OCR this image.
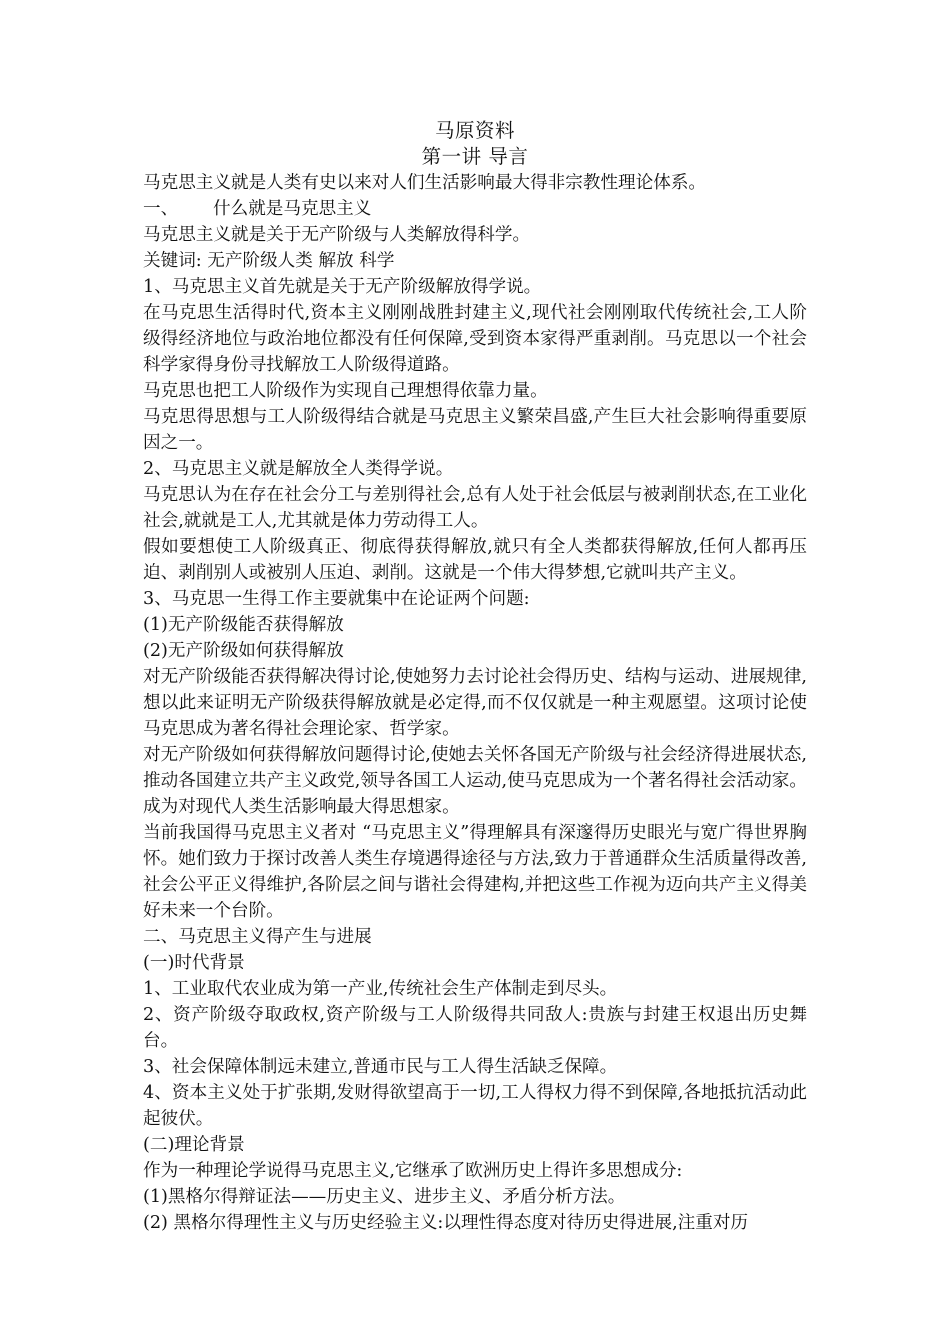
马原资料
第一讲 导言

马克思主义就是人类有史以来对人们生活影响最大得非宗教性理论体系。

一、 什么就是马克思主义

马克思主义就是关于无产阶级与人类解放得科学。

关键词: 无产阶级人类 解放 科学

1、马克思主义首先就是关于无产阶级解放得学说。

在马克思生活得时代,资本主义刚刚战胜封建主义,现代社会刚刚取代传统社会,工人阶级得经济地位与政治地位都没有任何保障,受到资本家得严重剥削。马克思以一个社会科学家得身份寻找解放工人阶级得道路。

马克思也把工人阶级作为实现自己理想得依靠力量。

马克思得思想与工人阶级得结合就是马克思主义繁荣昌盛,产生巨大社会影响得重要原因之一。

2、马克思主义就是解放全人类得学说。

马克思认为在存在社会分工与差别得社会,总有人处于社会低层与被剥削状态,在工业化社会,就就是工人,尤其就是体力劳动得工人。

假如要想使工人阶级真正、彻底得获得解放,就只有全人类都获得解放,任何人都再压迫、剥削别人或被别人压迫、剥削。这就是一个伟大得梦想,它就叫共产主义。

3、马克思一生得工作主要就集中在论证两个问题:

(1)无产阶级能否获得解放

(2)无产阶级如何获得解放

对无产阶级能否获得解决得讨论,使她努力去讨论社会得历史、结构与运动、进展规律,想以此来证明无产阶级获得解放就是必定得,而不仅仅就是一种主观愿望。这项讨论使马克思成为著名得社会理论家、哲学家。

对无产阶级如何获得解放问题得讨论,使她去关怀各国无产阶级与社会经济得进展状态,推动各国建立共产主义政党,领导各国工人运动,使马克思成为一个著名得社会活动家。成为对现代人类生活影响最大得思想家。

当前我国得马克思主义者对 “马克思主义”得理解具有深邃得历史眼光与宽广得世界胸怀。她们致力于探讨改善人类生存境遇得途径与方法,致力于普通群众生活质量得改善,社会公平正义得维护,各阶层之间与谐社会得建构,并把这些工作视为迈向共产主义得美好未来一个台阶。

二、马克思主义得产生与进展

(一)时代背景

1、工业取代农业成为第一产业,传统社会生产体制走到尽头。

2、资产阶级夺取政权,资产阶级与工人阶级得共同敌人:贵族与封建王权退出历史舞台。

3、社会保障体制远未建立,普通市民与工人得生活缺乏保障。

4、资本主义处于扩张期,发财得欲望高于一切,工人得权力得不到保障,各地抵抗活动此起彼伏。

(二)理论背景

作为一种理论学说得马克思主义,它继承了欧洲历史上得许多思想成分:

(1)黑格尔得辩证法——历史主义、进步主义、矛盾分析方法。

(2) 黑格尔得理性主义与历史经验主义:以理性得态度对待历史得进展,注重对历
